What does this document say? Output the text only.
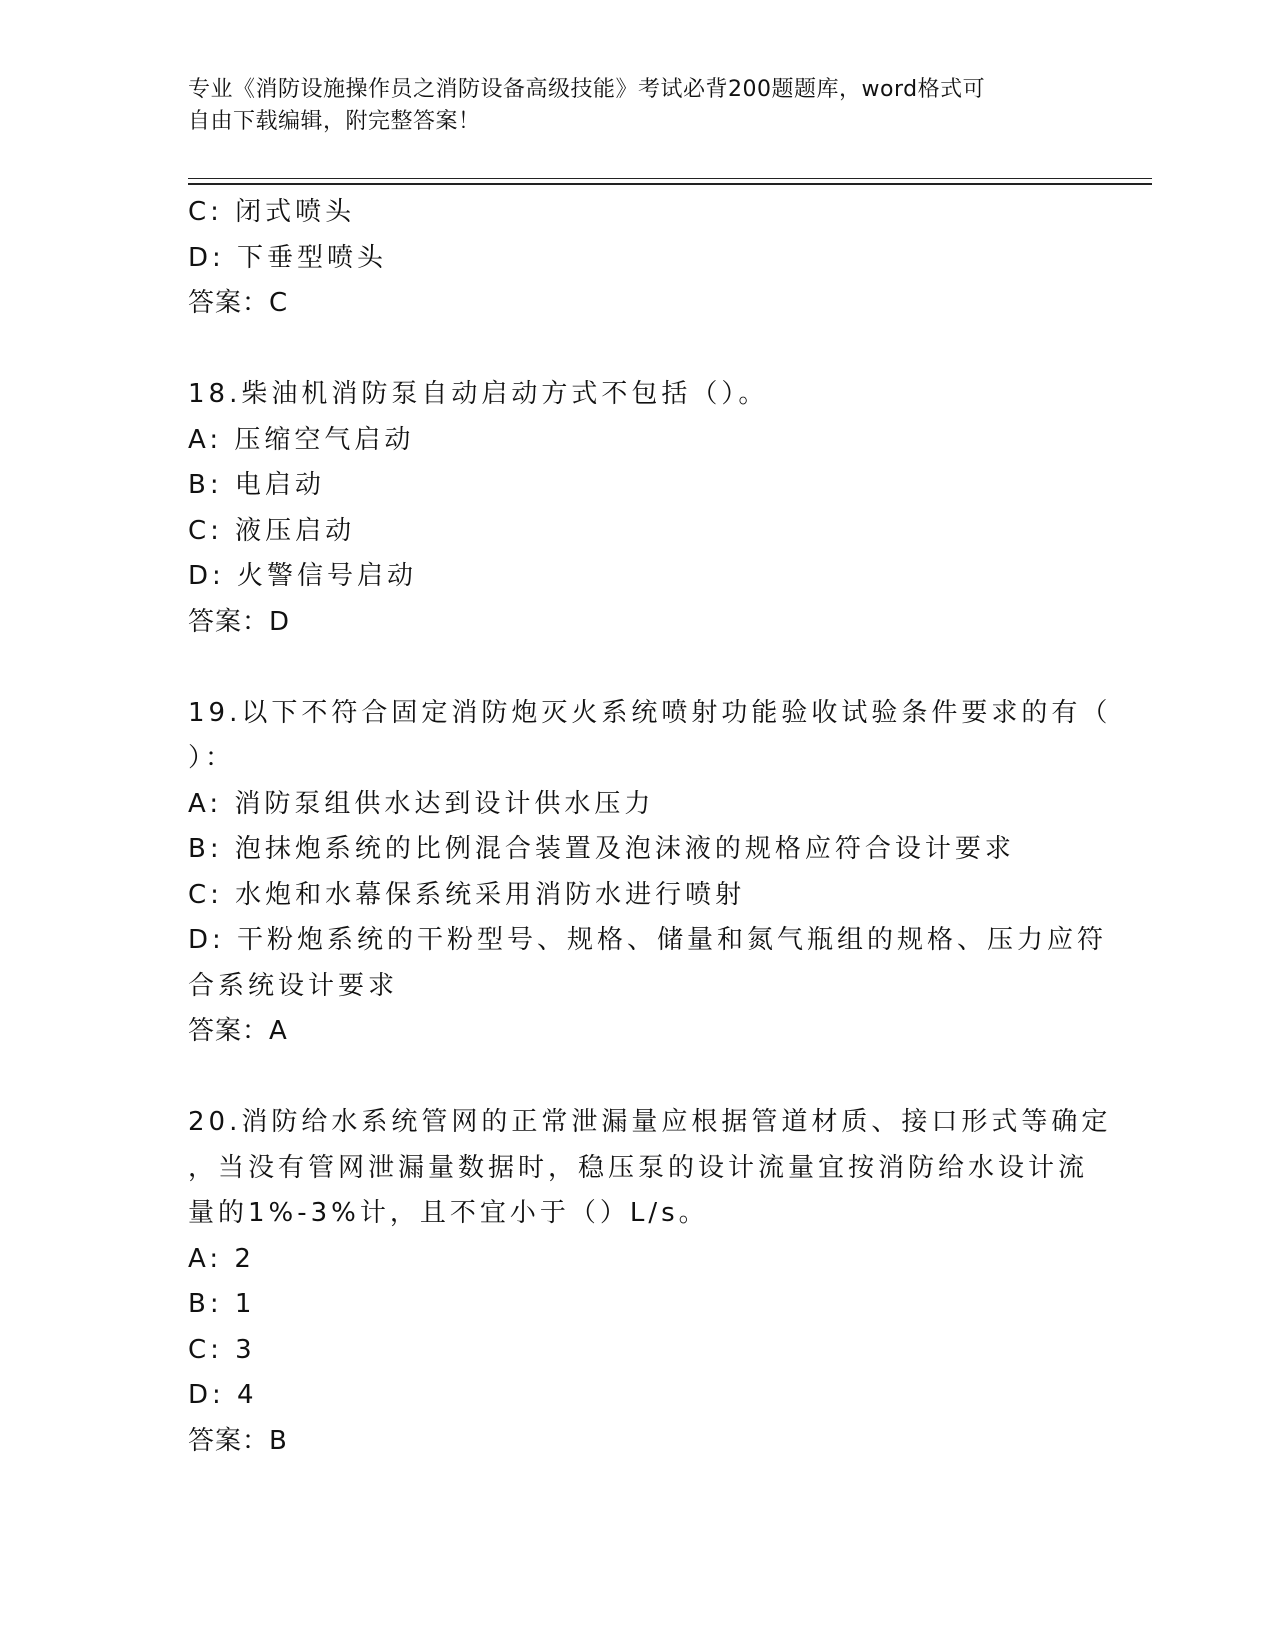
专业《消防设施操作员之消防设备高级技能》考试必背200题题库，word格式可
自由下载编辑，附完整答案！
C: 闭式喷头
D: 下垂型喷头
答案：C
18.柴油机消防泵自动启动方式不包括（）。
A: 压缩空气启动
B: 电启动
C: 液压启动
D: 火警信号启动
答案：D
19.以下不符合固定消防炮灭火系统喷射功能验收试验条件要求的有（
）：
A: 消防泵组供水达到设计供水压力
B: 泡抹炮系统的比例混合装置及泡沫液的规格应符合设计要求
C: 水炮和水幕保系统采用消防水进行喷射
D: 干粉炮系统的干粉型号、规格、储量和氮气瓶组的规格、压力应符
合系统设计要求
答案：A
20.消防给水系统管网的正常泄漏量应根据管道材质、接口形式等确定
，当没有管网泄漏量数据时，稳压泵的设计流量宜按消防给水设计流
量的1%-3%计，且不宜小于（）L/s。
A: 2
B: 1
C: 3
D: 4
答案：B
